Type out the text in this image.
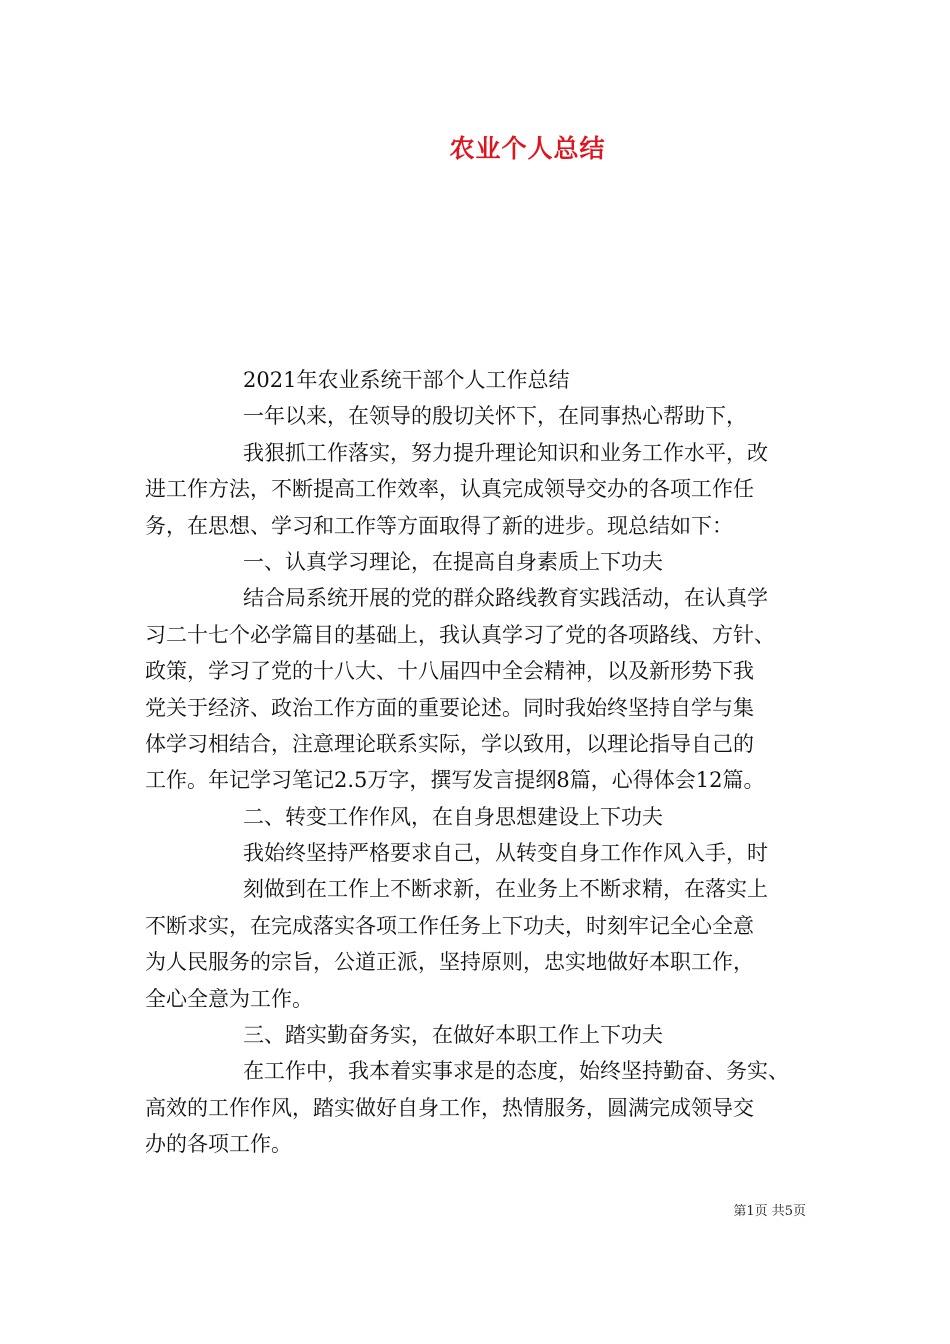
农业个人总结
2021年农业系统干部个人工作总结
一年以来，在领导的殷切关怀下，在同事热心帮助下，
我狠抓工作落实，努力提升理论知识和业务工作水平，改
进工作方法，不断提高工作效率，认真完成领导交办的各项工作任
务，在思想、学习和工作等方面取得了新的进步。现总结如下：
一、认真学习理论，在提高自身素质上下功夫
结合局系统开展的党的群众路线教育实践活动，在认真学
习二十七个必学篇目的基础上，我认真学习了党的各项路线、方针、
政策，学习了党的十八大、十八届四中全会精神，以及新形势下我
党关于经济、政治工作方面的重要论述。同时我始终坚持自学与集
体学习相结合，注意理论联系实际，学以致用，以理论指导自己的
工作。年记学习笔记2.5万字，撰写发言提纲8篇，心得体会12篇。
二、转变工作作风，在自身思想建设上下功夫
我始终坚持严格要求自己，从转变自身工作作风入手，时
刻做到在工作上不断求新，在业务上不断求精，在落实上
不断求实，在完成落实各项工作任务上下功夫，时刻牢记全心全意
为人民服务的宗旨，公道正派，坚持原则，忠实地做好本职工作，
全心全意为工作。
三、踏实勤奋务实，在做好本职工作上下功夫
在工作中，我本着实事求是的态度，始终坚持勤奋、务实、
高效的工作作风，踏实做好自身工作，热情服务，圆满完成领导交
办的各项工作。
第1页 共5页
